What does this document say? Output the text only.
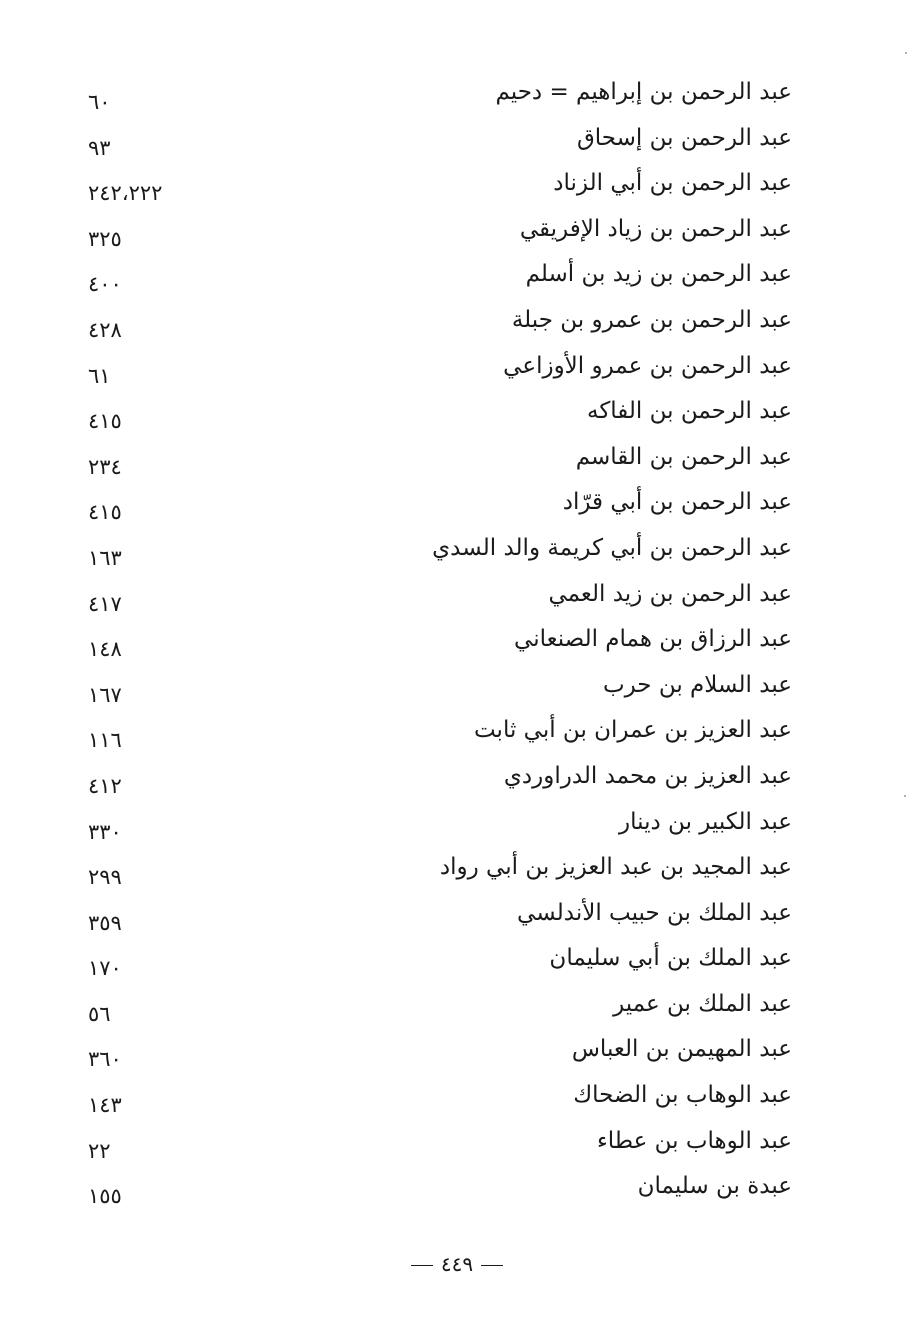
عبد الرحمن بن إبراهيم = دحيم
٦٠
عبد الرحمن بن إسحاق
٩٣
عبد الرحمن بن أبي الزناد
٢٤٢،٢٢٢
عبد الرحمن بن زياد الإفريقي
٣٢٥
عبد الرحمن بن زيد بن أسلم
٤٠٠
عبد الرحمن بن عمرو بن جبلة
٤٢٨
عبد الرحمن بن عمرو الأوزاعي
٦١
عبد الرحمن بن الفاكه
٤١٥
عبد الرحمن بن القاسم
٢٣٤
عبد الرحمن بن أبي قرّاد
٤١٥
عبد الرحمن بن أبي كريمة والد السدي
١٦٣
عبد الرحمن بن زيد العمي
٤١٧
عبد الرزاق بن همام الصنعاني
١٤٨
عبد السلام بن حرب
١٦٧
عبد العزيز بن عمران بن أبي ثابت
١١٦
عبد العزيز بن محمد الدراوردي
٤١٢
عبد الكبير بن دينار
٣٣٠
عبد المجيد بن عبد العزيز بن أبي رواد
٢٩٩
عبد الملك بن حبيب الأندلسي
٣٥٩
عبد الملك بن أبي سليمان
١٧٠
عبد الملك بن عمير
٥٦
عبد المهيمن بن العباس
٣٦٠
عبد الوهاب بن الضحاك
١٤٣
عبد الوهاب بن عطاء
٢٢
عبدة بن سليمان
١٥٥
٤٤٩
